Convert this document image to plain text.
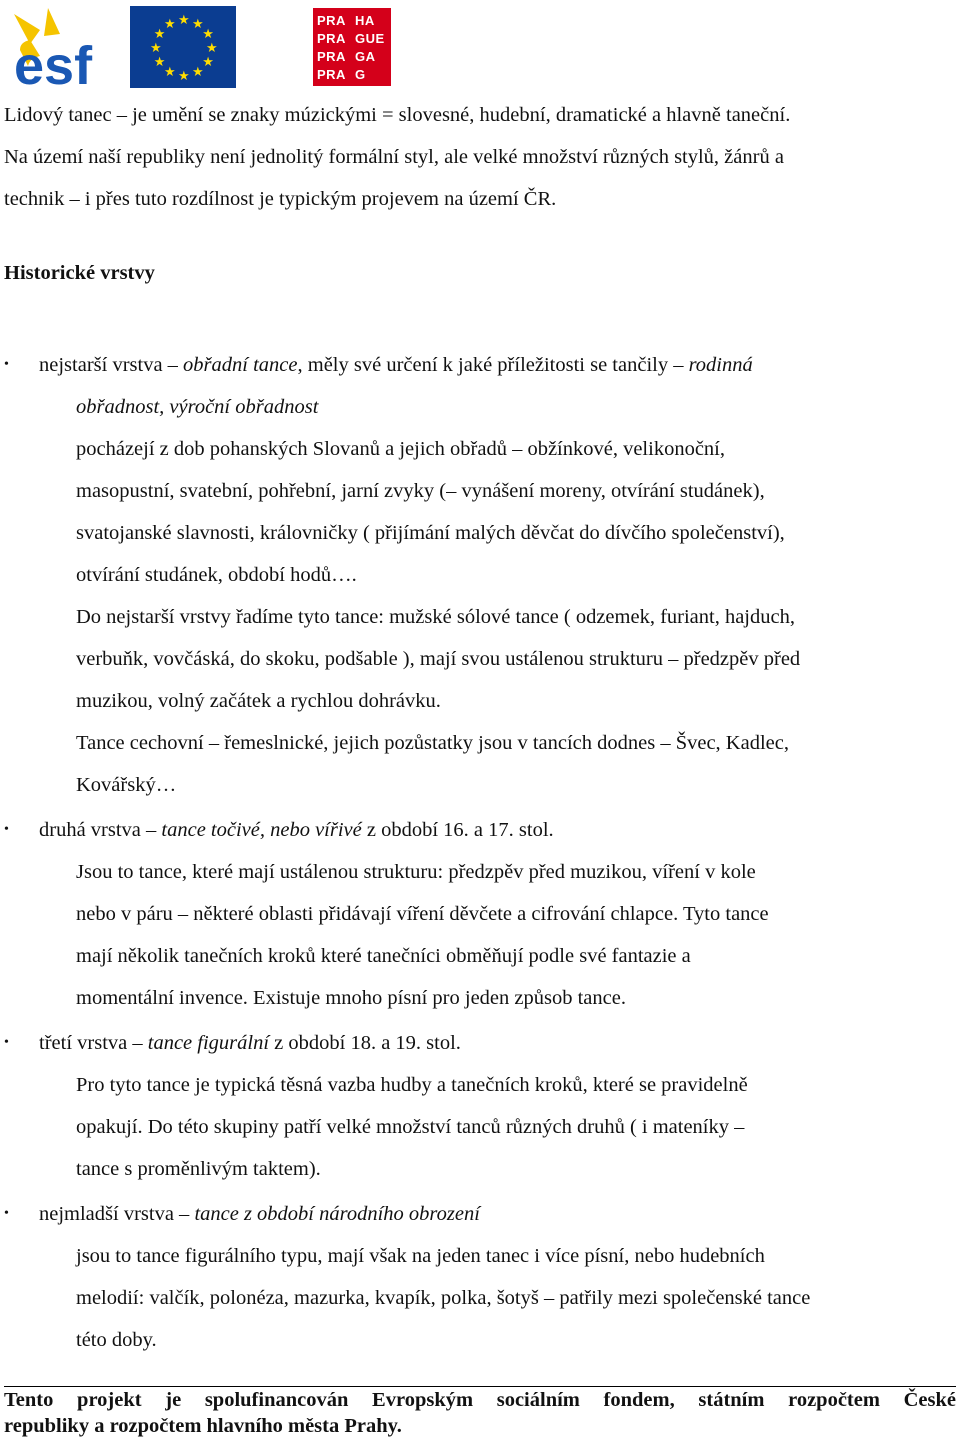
esf	★
★
★
★
★
★
★
★
★ ★ ★
★
PRA HA
PRA GUE
PRA GA
PRA G
Lidový tanec – je umění se znaky múzickými = slovesné, hudební, dramatické a hlavně taneční.
Na území naší republiky není jednolitý formální styl, ale velké množství různých stylů, žánrů a
technik – i přes tuto rozdílnost je typickým projevem na území ČR.
Historické vrstvy
•	nejstarší vrstva – obřadní tance, měly své určení k jaké příležitosti se tančily – rodinná
obřadnost, výroční obřadnost
pocházejí z dob pohanských Slovanů a jejich obřadů – obžínkové, velikonoční,
masopustní, svatební, pohřební, jarní zvyky (– vynášení moreny, otvírání studánek),
svatojanské slavnosti, královničky ( přijímání malých děvčat do dívčího společenství),
otvírání studánek, období hodů….
Do nejstarší vrstvy řadíme tyto tance: mužské sólové tance ( odzemek, furiant, hajduch,
verbuňk, vovčáská, do skoku, podšable ), mají svou ustálenou strukturu – předzpěv před
muzikou, volný začátek a rychlou dohrávku.
Tance cechovní – řemeslnické, jejich pozůstatky jsou v tancích dodnes – Švec, Kadlec,
Kovářský…
•	druhá vrstva – tance točivé, nebo vířivé z období 16. a 17. stol.
Jsou to tance, které mají ustálenou strukturu: předzpěv před muzikou, víření v kole
nebo v páru – některé oblasti přidávají víření děvčete a cifrování chlapce. Tyto tance
mají několik tanečních kroků které tanečníci obměňují podle své fantazie a
momentální invence. Existuje mnoho písní pro jeden způsob tance.
•	třetí vrstva – tance figurální z období 18. a 19. stol.
Pro tyto tance je typická těsná vazba hudby a tanečních kroků, které se pravidelně
opakují. Do této skupiny patří velké množství tanců různých druhů ( i mateníky –
tance s proměnlivým taktem).
•	nejmladší vrstva – tance z období národního obrození
jsou to tance figurálního typu, mají však na jeden tanec i více písní, nebo hudebních
melodií: valčík, polonéza, mazurka, kvapík, polka, šotyš – patřily mezi společenské tance
této doby.

Tento projekt je spolufinancován Evropským sociálním fondem, státním rozpočtem České

republiky a rozpočtem hlavního města Prahy.
